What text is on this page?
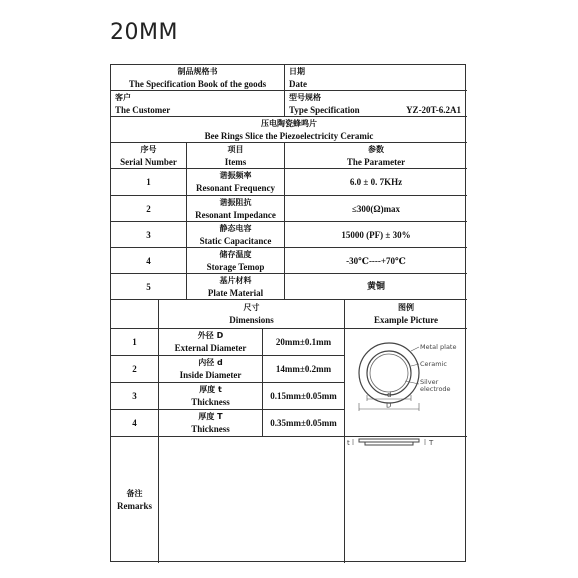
20MM
制品规格书
The Specification Book of the goods
日期
Date
客户
The Customer
型号规格
Type Specification	YZ-20T-6.2A1
压电陶瓷蜂鸣片
Bee Rings Slice the Piezoelectricity Ceramic
序号
Serial Number
项目
Items
参数
The Parameter
1
谐振频率
Resonant Frequency
6.0 ± 0. 7KHz
2
谐振阻抗
Resonant Impedance
≤300(Ω)max
3
静态电容
Static Capacitance
15000 (PF) ± 30%
4
储存温度
Storage Temop
-30℃----+70℃
5
基片材料
Plate Material
黄铜
尺寸
Dimensions
图例
Example Picture
1
外径 D
External Diameter
20mm±0.1mm
2
内径 d
Inside Diameter
14mm±0.2mm
3
厚度 t
Thickness
0.15mm±0.05mm
4
厚度 T
Thickness
0.35mm±0.05mm
Metal plate
Ceramic
Silver
electrode
d
D
备注
Remarks
t	T
